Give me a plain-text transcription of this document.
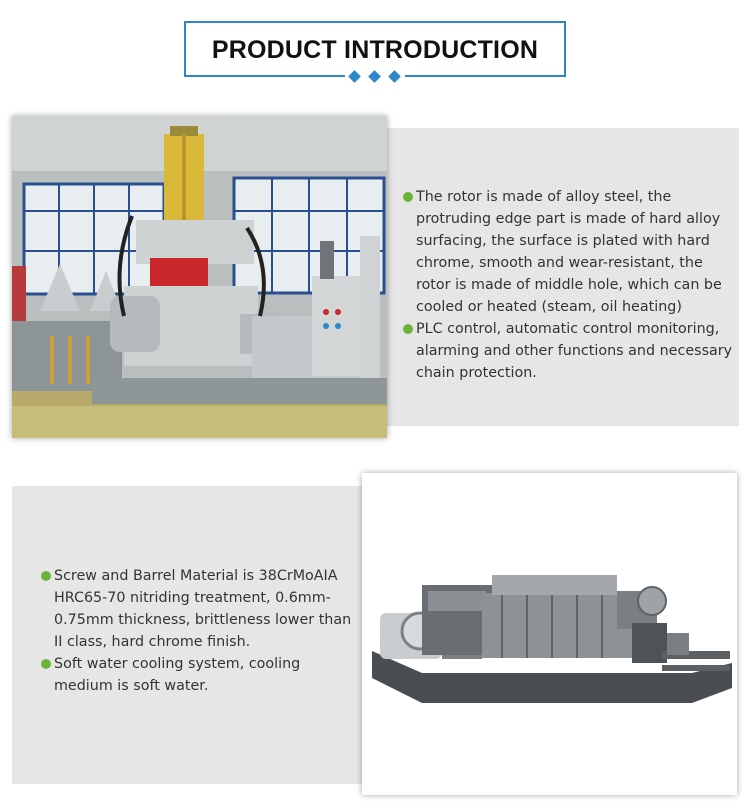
PRODUCT INTRODUCTION
The rotor is made of alloy steel, the protruding edge part is made of hard alloy surfacing, the surface is plated with hard chrome, smooth and wear-resistant, the rotor is made of middle hole, which can be cooled or heated (steam, oil heating)
PLC control, automatic control monitoring, alarming and other functions and necessary chain protection.
Screw and Barrel Material is 38CrMoAIA HRC65-70 nitriding treatment, 0.6mm-0.75mm thickness, brittleness lower than II class, hard chrome finish.
Soft water cooling system, cooling medium is soft water.
